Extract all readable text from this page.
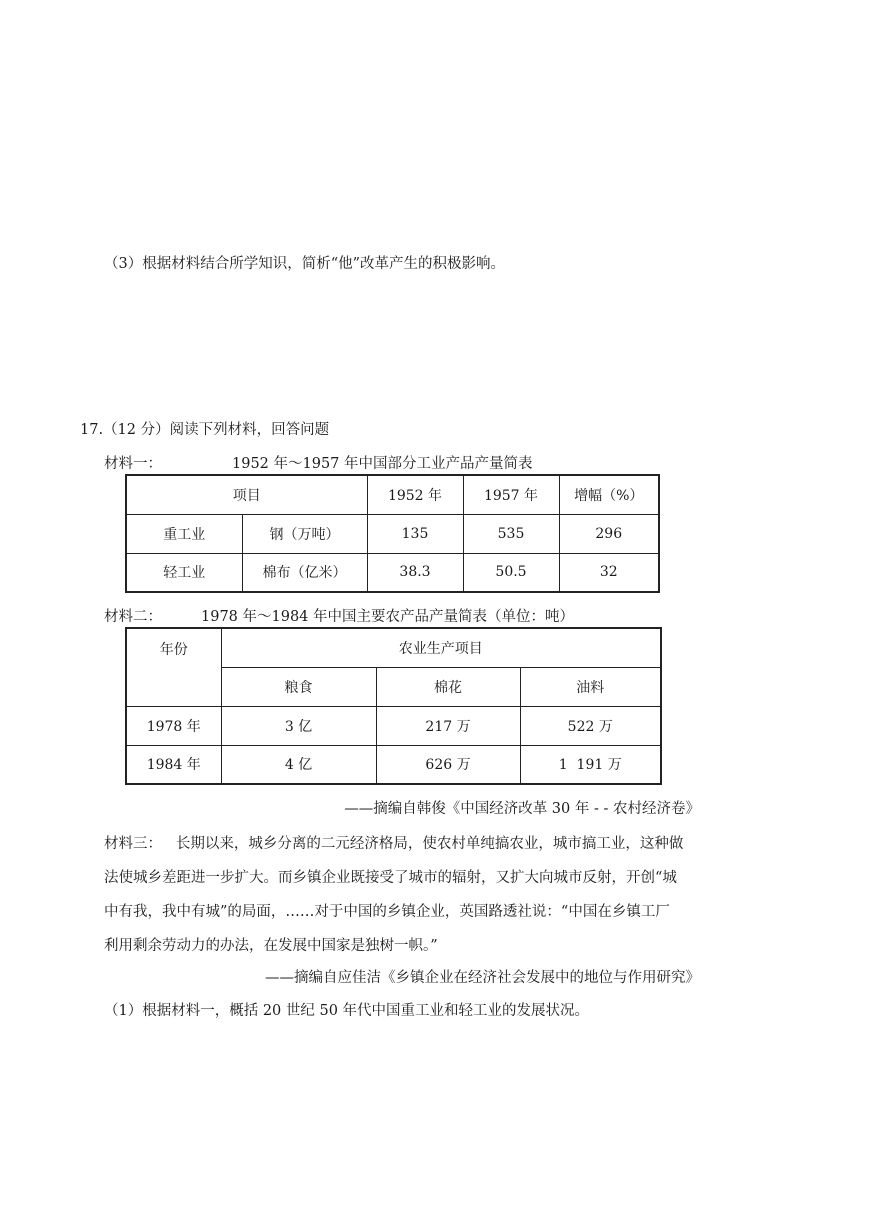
（3）根据材料结合所学知识，简析“他”改革产生的积极影响。
17.（12 分）阅读下列材料，回答问题
材料一：	1952 年～1957 年中国部分工业产品产量简表
项目		1952 年	1957 年	增幅（%）
重工业	钢（万吨）	135	535	296
轻工业	棉布（亿米）	38.3	50.5	32
材料二：	1978 年～1984 年中国主要农产品产量简表（单位：吨）
年份	农业生产项目		
	粮食	棉花	油料
1978 年	3 亿	217 万	522 万
1984 年	4 亿	626 万	1  191 万
——摘编自韩俊《中国经济改革 30 年 - - 农村经济卷》
材料三：   长期以来，城乡分离的二元经济格局，使农村单纯搞农业，城市搞工业，这种做
法使城乡差距进一步扩大。而乡镇企业既接受了城市的辐射，又扩大向城市反射，开创“城
中有我，我中有城”的局面，……对于中国的乡镇企业，英国路透社说：“中国在乡镇工厂
利用剩余劳动力的办法，在发展中国家是独树一帜。”
——摘编自应佳洁《乡镇企业在经济社会发展中的地位与作用研究》
（1）根据材料一，概括 20 世纪 50 年代中国重工业和轻工业的发展状况。
